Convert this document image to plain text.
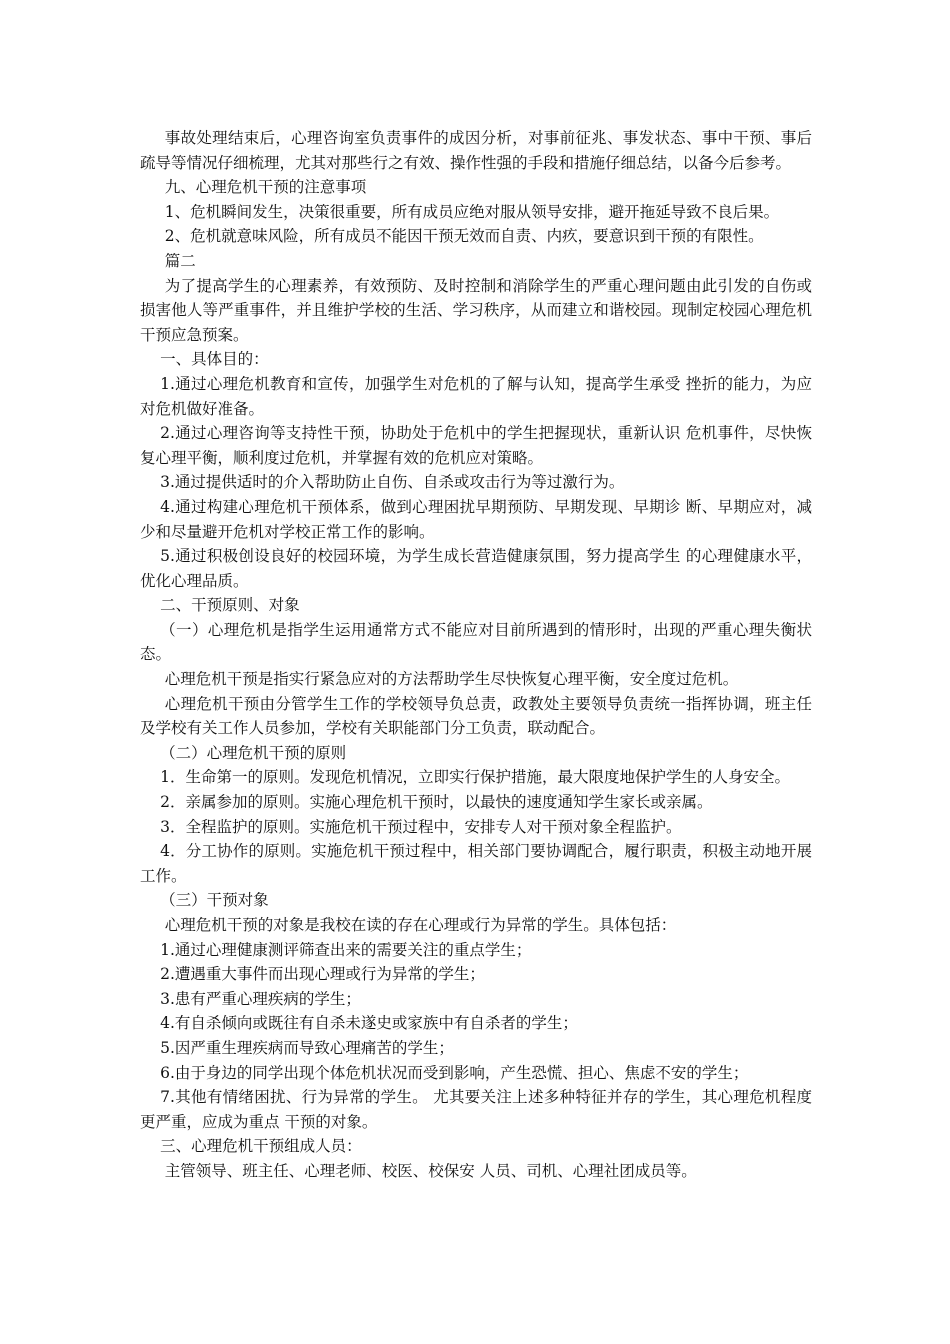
事故处理结束后，心理咨询室负责事件的成因分析，对事前征兆、事发状态、事中干预、事后疏导等情况仔细梳理，尤其对那些行之有效、操作性强的手段和措施仔细总结，以备今后参考。

九、心理危机干预的注意事项

1、危机瞬间发生，决策很重要，所有成员应绝对服从领导安排，避开拖延导致不良后果。

2、危机就意味风险，所有成员不能因干预无效而自责、内疚，要意识到干预的有限性。

篇二

为了提高学生的心理素养，有效预防、及时控制和消除学生的严重心理问题由此引发的自伤或损害他人等严重事件，并且维护学校的生活、学习秩序，从而建立和谐校园。现制定校园心理危机干预应急预案。

一、具体目的：

1.通过心理危机教育和宣传，加强学生对危机的了解与认知，提高学生承受 挫折的能力，为应对危机做好准备。

2.通过心理咨询等支持性干预，协助处于危机中的学生把握现状，重新认识 危机事件，尽快恢复心理平衡，顺利度过危机，并掌握有效的危机应对策略。

3.通过提供适时的介入帮助防止自伤、自杀或攻击行为等过激行为。

4.通过构建心理危机干预体系，做到心理困扰早期预防、早期发现、早期诊 断、早期应对，减少和尽量避开危机对学校正常工作的影响。

5.通过积极创设良好的校园环境，为学生成长营造健康氛围，努力提高学生 的心理健康水平，优化心理品质。

二、干预原则、对象

（一）心理危机是指学生运用通常方式不能应对目前所遇到的情形时，出现的严重心理失衡状态。

心理危机干预是指实行紧急应对的方法帮助学生尽快恢复心理平衡，安全度过危机。

心理危机干预由分管学生工作的学校领导负总责，政教处主要领导负责统一指挥协调，班主任及学校有关工作人员参加，学校有关职能部门分工负责，联动配合。

（二）心理危机干预的原则

1．生命第一的原则。发现危机情况，立即实行保护措施，最大限度地保护学生的人身安全。

2．亲属参加的原则。实施心理危机干预时，以最快的速度通知学生家长或亲属。

3．全程监护的原则。实施危机干预过程中，安排专人对干预对象全程监护。

4．分工协作的原则。实施危机干预过程中，相关部门要协调配合，履行职责，积极主动地开展工作。

（三）干预对象

心理危机干预的对象是我校在读的存在心理或行为异常的学生。具体包括：

1.通过心理健康测评筛查出来的需要关注的重点学生；

2.遭遇重大事件而出现心理或行为异常的学生；

3.患有严重心理疾病的学生；

4.有自杀倾向或既往有自杀未遂史或家族中有自杀者的学生；

5.因严重生理疾病而导致心理痛苦的学生；

6.由于身边的同学出现个体危机状况而受到影响，产生恐慌、担心、焦虑不安的学生；

7.其他有情绪困扰、行为异常的学生。 尤其要关注上述多种特征并存的学生，其心理危机程度更严重，应成为重点 干预的对象。

三、心理危机干预组成人员：

主管领导、班主任、心理老师、校医、校保安 人员、司机、心理社团成员等。
